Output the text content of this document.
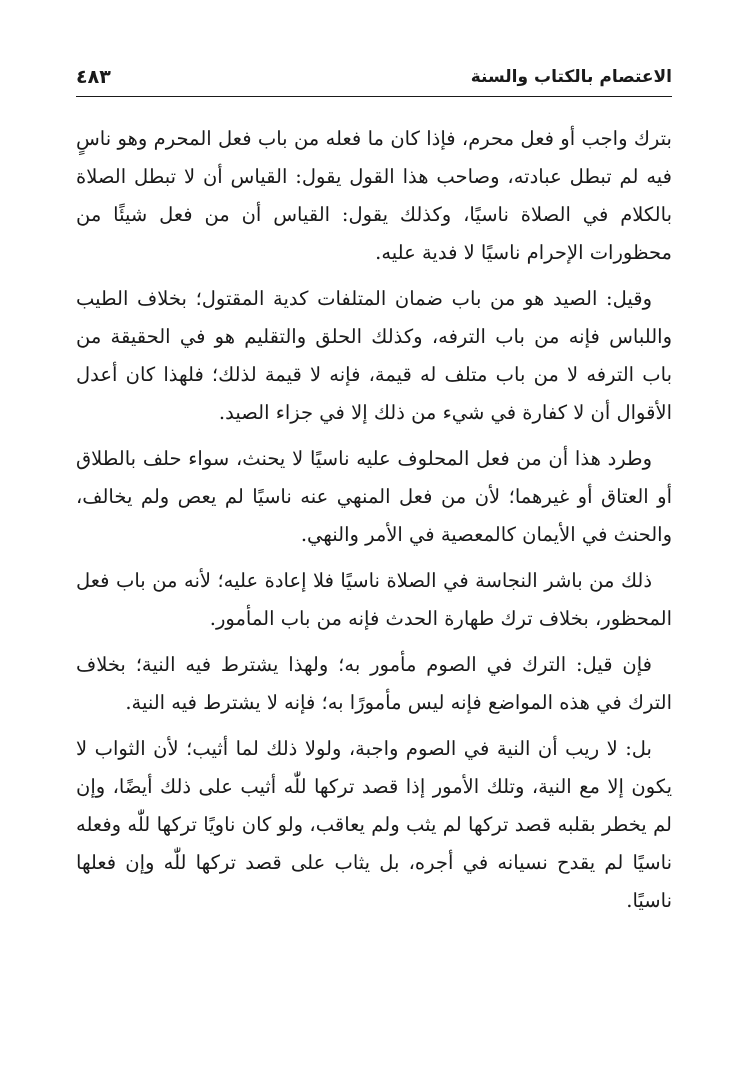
الاعتصام بالكتاب والسنة
٤٨٣

بترك واجب أو فعل محرم، فإذا كان ما فعله من باب فعل المحرم وهو ناسٍ فيه لم تبطل عبادته، وصاحب هذا القول يقول: القياس أن لا تبطل الصلاة بالكلام في الصلاة ناسيًا، وكذلك يقول: القياس أن من فعل شيئًا من محظورات الإحرام ناسيًا لا فدية عليه.

وقيل: الصيد هو من باب ضمان المتلفات كدية المقتول؛ بخلاف الطيب واللباس فإنه من باب الترفه، وكذلك الحلق والتقليم هو في الحقيقة من باب الترفه لا من باب متلف له قيمة، فإنه لا قيمة لذلك؛ فلهذا كان أعدل الأقوال أن لا كفارة في شيء من ذلك إلا في جزاء الصيد.

وطرد هذا أن من فعل المحلوف عليه ناسيًا لا يحنث، سواء حلف بالطلاق أو العتاق أو غيرهما؛ لأن من فعل المنهي عنه ناسيًا لم يعص ولم يخالف، والحنث في الأيمان كالمعصية في الأمر والنهي.

ذلك من باشر النجاسة في الصلاة ناسيًا فلا إعادة عليه؛ لأنه من باب فعل المحظور، بخلاف ترك طهارة الحدث فإنه من باب المأمور.

فإن قيل: الترك في الصوم مأمور به؛ ولهذا يشترط فيه النية؛ بخلاف الترك في هذه المواضع فإنه ليس مأمورًا به؛ فإنه لا يشترط فيه النية.

بل: لا ريب أن النية في الصوم واجبة، ولولا ذلك لما أثيب؛ لأن الثواب لا يكون إلا مع النية، وتلك الأمور إذا قصد تركها للّٰه أثيب على ذلك أيضًا، وإن لم يخطر بقلبه قصد تركها لم يثب ولم يعاقب، ولو كان ناويًا تركها للّٰه وفعله ناسيًا لم يقدح نسيانه في أجره، بل يثاب على قصد تركها للّٰه وإن فعلها ناسيًا.
